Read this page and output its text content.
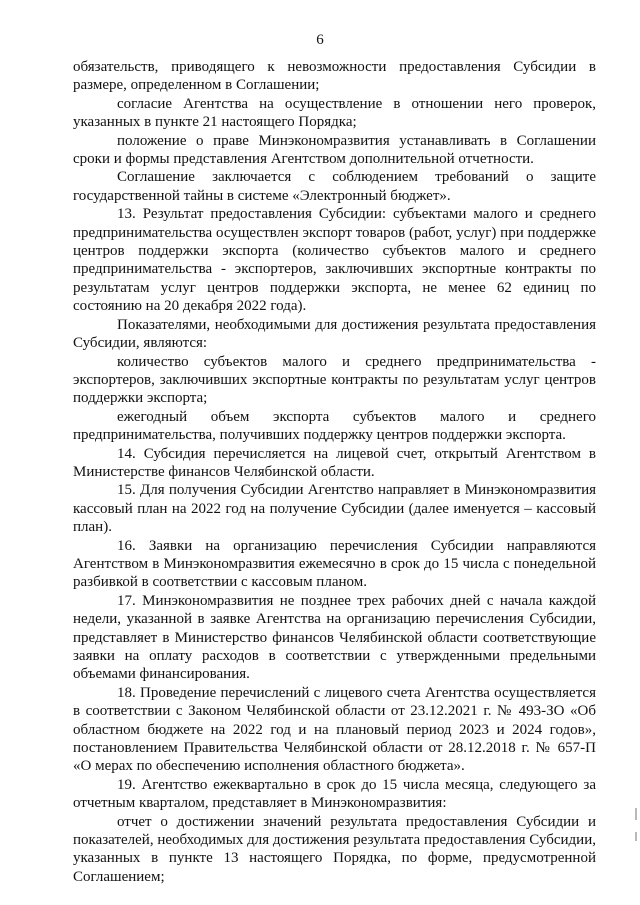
6

обязательств, приводящего к невозможности предоставления Субсидии в размере, определенном в Соглашении;

согласие Агентства на осуществление в отношении него проверок, указанных в пункте 21 настоящего Порядка;

положение о праве Минэкономразвития устанавливать в Соглашении сроки и формы представления Агентством дополнительной отчетности.

Соглашение заключается с соблюдением требований о защите государственной тайны в системе «Электронный бюджет».

13. Результат предоставления Субсидии: субъектами малого и среднего предпринимательства осуществлен экспорт товаров (работ, услуг) при поддержке центров поддержки экспорта (количество субъектов малого и среднего предпринимательства - экспортеров, заключивших экспортные контракты по результатам услуг центров поддержки экспорта, не менее 62 единиц по состоянию на 20 декабря 2022 года).

Показателями, необходимыми для достижения результата предоставления Субсидии, являются:

количество субъектов малого и среднего предпринимательства - экспортеров, заключивших экспортные контракты по результатам услуг центров поддержки экспорта;

ежегодный объем экспорта субъектов малого и среднего предпринимательства, получивших поддержку центров поддержки экспорта.

14. Субсидия перечисляется на лицевой счет, открытый Агентством в Министерстве финансов Челябинской области.

15. Для получения Субсидии Агентство направляет в Минэкономразвития кассовый план на 2022 год на получение Субсидии (далее именуется – кассовый план).

16. Заявки на организацию перечисления Субсидии направляются Агентством в Минэкономразвития ежемесячно в срок до 15 числа с понедельной разбивкой в соответствии с кассовым планом.

17. Минэкономразвития не позднее трех рабочих дней с начала каждой недели, указанной в заявке Агентства на организацию перечисления Субсидии, представляет в Министерство финансов Челябинской области соответствующие заявки на оплату расходов в соответствии с утвержденными предельными объемами финансирования.

18. Проведение перечислений с лицевого счета Агентства осуществляется в соответствии с Законом Челябинской области от 23.12.2021 г. № 493-ЗО «Об областном бюджете на 2022 год и на плановый период 2023 и 2024 годов», постановлением Правительства Челябинской области от 28.12.2018 г. № 657-П «О мерах по обеспечению исполнения областного бюджета».

19. Агентство ежеквартально в срок до 15 числа месяца, следующего за отчетным кварталом, представляет в Минэкономразвития:

отчет о достижении значений результата предоставления Субсидии и показателей, необходимых для достижения результата предоставления Субсидии, указанных в пункте 13 настоящего Порядка, по форме, предусмотренной Соглашением;
